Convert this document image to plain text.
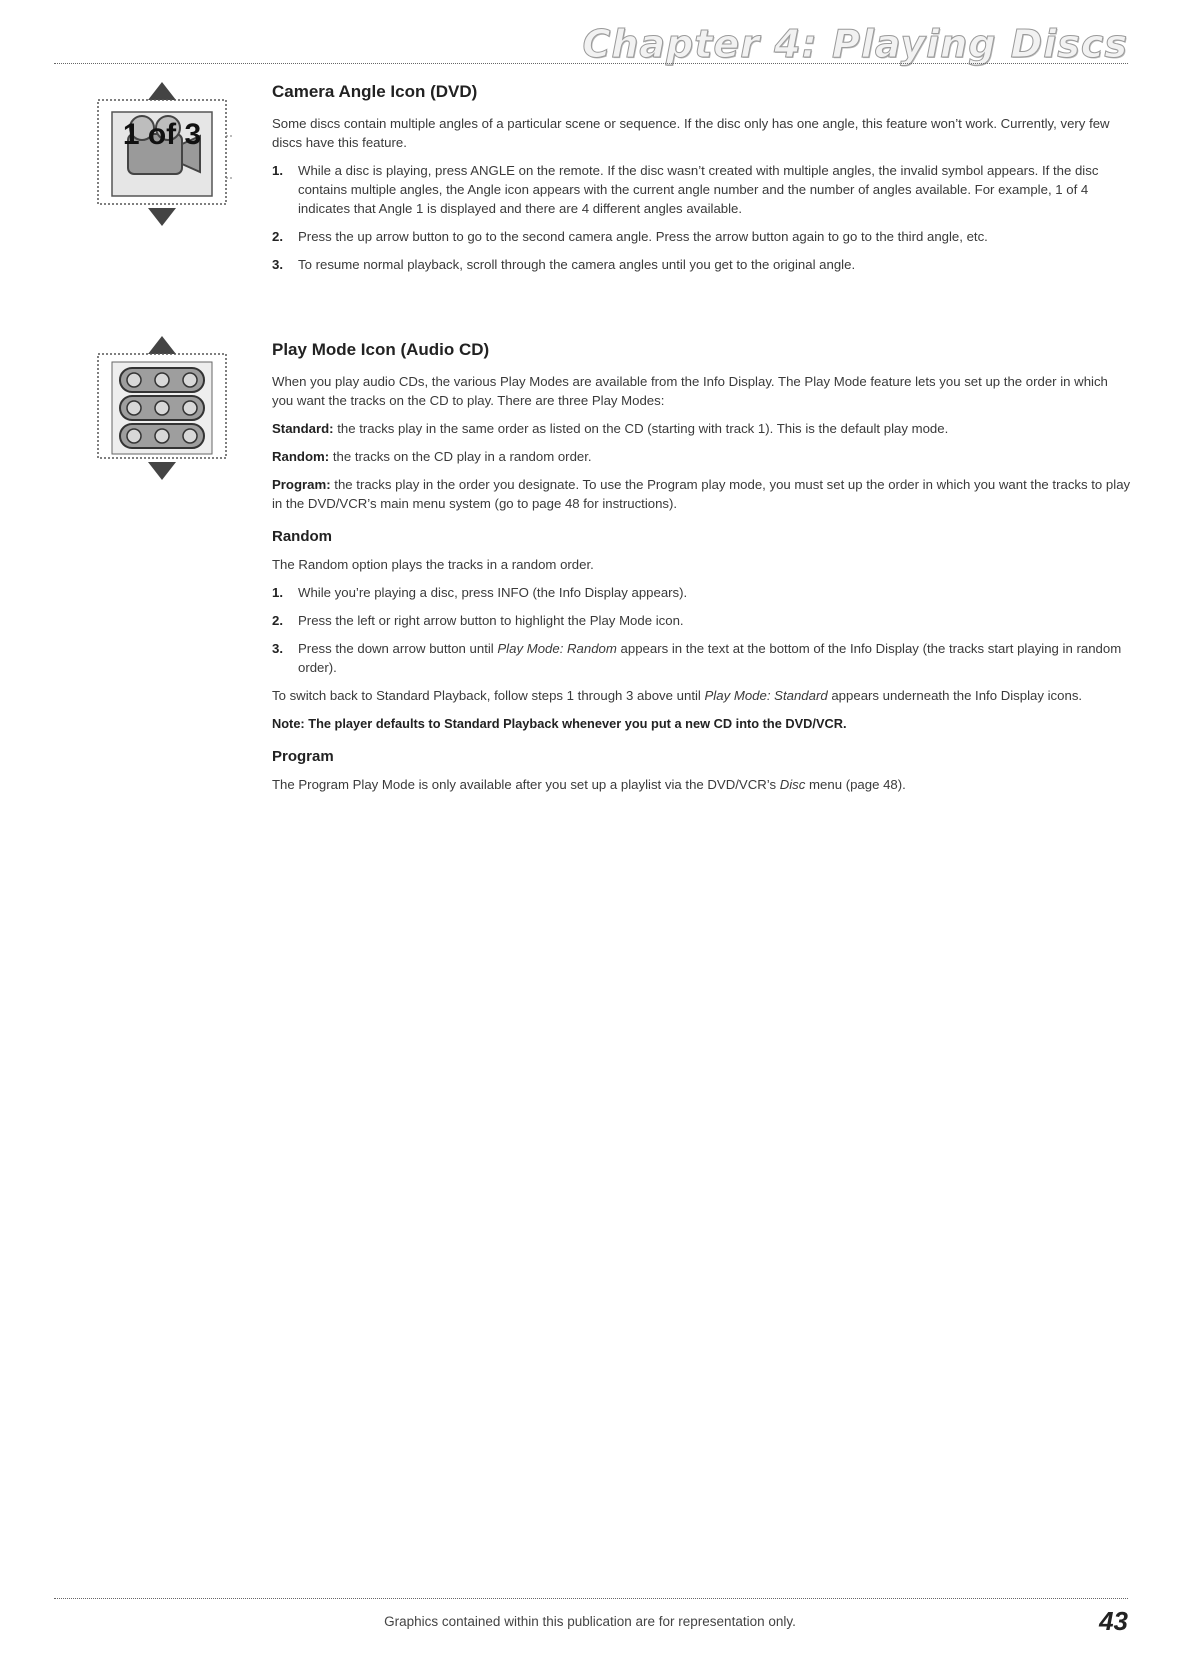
Chapter 4: Playing Discs
1 of 3
Camera Angle Icon (DVD)

Some discs contain multiple angles of a particular scene or sequence. If the disc only has one angle, this feature won’t work. Currently, very few discs have this feature.

1. While a disc is playing, press ANGLE on the remote. If the disc wasn’t created with multiple angles, the invalid symbol appears. If the disc contains multiple angles, the Angle icon appears with the current angle number and the number of angles available. For example, 1 of 4 indicates that Angle 1 is displayed and there are 4 different angles available.
2. Press the up arrow button to go to the second camera angle. Press the arrow button again to go to the third angle, etc.
3. To resume normal playback, scroll through the camera angles until you get to the original angle.
Play Mode Icon (Audio CD)

When you play audio CDs, the various Play Modes are available from the Info Display. The Play Mode feature lets you set up the order in which you want the tracks on the CD to play. There are three Play Modes:

Standard: the tracks play in the same order as listed on the CD (starting with track 1). This is the default play mode.

Random: the tracks on the CD play in a random order.

Program: the tracks play in the order you designate. To use the Program play mode, you must set up the order in which you want the tracks to play in the DVD/VCR’s main menu system (go to page 48 for instructions).

Random

The Random option plays the tracks in a random order.

1. While you’re playing a disc, press INFO (the Info Display appears).
2. Press the left or right arrow button to highlight the Play Mode icon.
3. Press the down arrow button until Play Mode: Random appears in the text at the bottom of the Info Display (the tracks start playing in random order).

To switch back to Standard Playback, follow steps 1 through 3 above until Play Mode: Standard appears underneath the Info Display icons.

Note: The player defaults to Standard Playback whenever you put a new CD into the DVD/VCR.

Program

The Program Play Mode is only available after you set up a playlist via the DVD/VCR’s Disc menu (page 48).

Graphics contained within this publication are for representation only.	43
